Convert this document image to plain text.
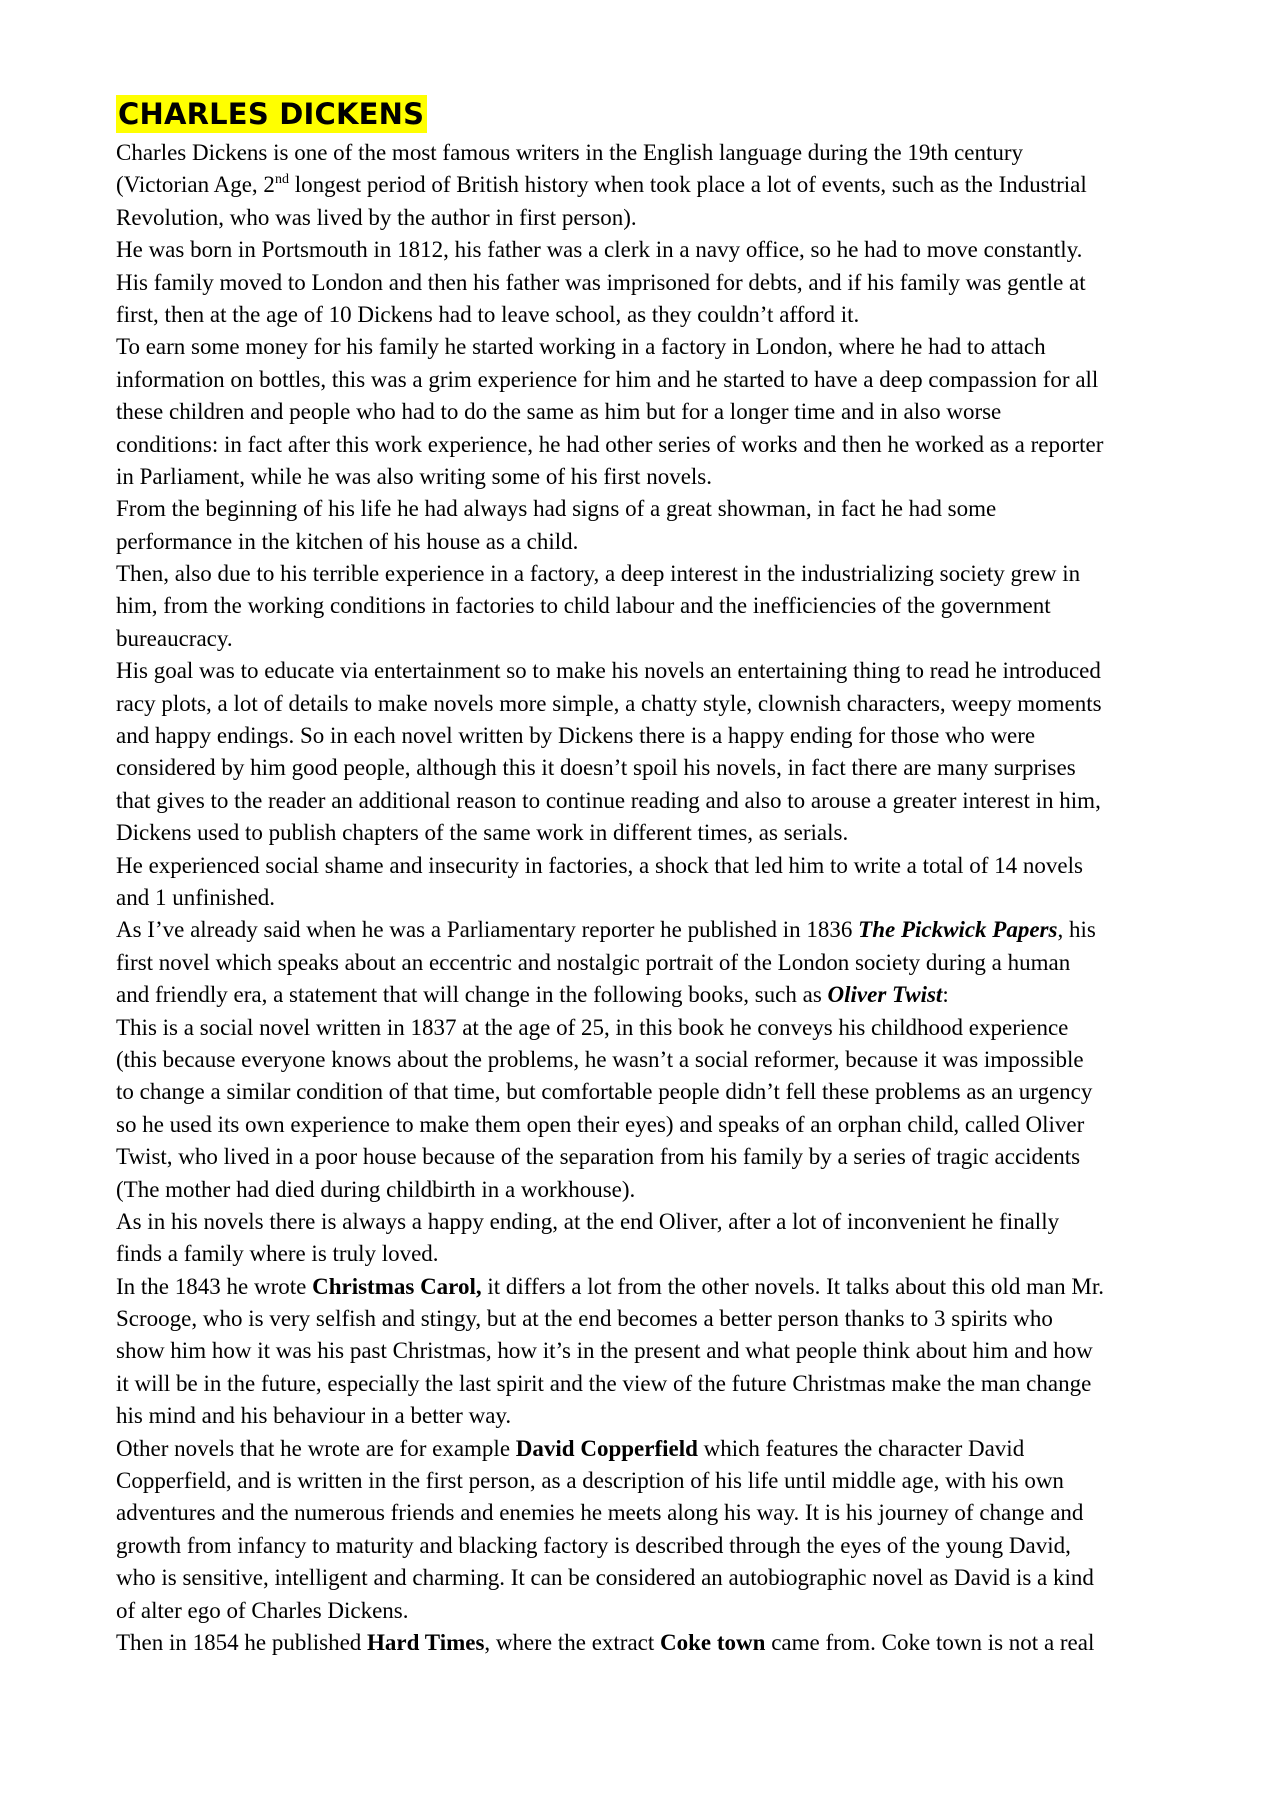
CHARLES DICKENS
Charles Dickens is one of the most famous writers in the English language during the 19th century
(Victorian Age, 2nd longest period of British history when took place a lot of events, such as the Industrial
Revolution, who was lived by the author in first person).
He was born in Portsmouth in 1812, his father was a clerk in a navy office, so he had to move constantly.
His family moved to London and then his father was imprisoned for debts, and if his family was gentle at
first, then at the age of 10 Dickens had to leave school, as they couldn’t afford it.
To earn some money for his family he started working in a factory in London, where he had to attach
information on bottles, this was a grim experience for him and he started to have a deep compassion for all
these children and people who had to do the same as him but for a longer time and in also worse
conditions: in fact after this work experience, he had other series of works and then he worked as a reporter
in Parliament, while he was also writing some of his first novels.
From the beginning of his life he had always had signs of a great showman, in fact he had some
performance in the kitchen of his house as a child.
Then, also due to his terrible experience in a factory, a deep interest in the industrializing society grew in
him, from the working conditions in factories to child labour and the inefficiencies of the government
bureaucracy.
His goal was to educate via entertainment so to make his novels an entertaining thing to read he introduced
racy plots, a lot of details to make novels more simple, a chatty style, clownish characters, weepy moments
and happy endings. So in each novel written by Dickens there is a happy ending for those who were
considered by him good people, although this it doesn’t spoil his novels, in fact there are many surprises
that gives to the reader an additional reason to continue reading and also to arouse a greater interest in him,
Dickens used to publish chapters of the same work in different times, as serials.
He experienced social shame and insecurity in factories, a shock that led him to write a total of 14 novels
and 1 unfinished.
As I’ve already said when he was a Parliamentary reporter he published in 1836 The Pickwick Papers, his
first novel which speaks about an eccentric and nostalgic portrait of the London society during a human
and friendly era, a statement that will change in the following books, such as Oliver Twist:
This is a social novel written in 1837 at the age of 25, in this book he conveys his childhood experience
(this because everyone knows about the problems, he wasn’t a social reformer, because it was impossible
to change a similar condition of that time, but comfortable people didn’t fell these problems as an urgency
so he used its own experience to make them open their eyes) and speaks of an orphan child, called Oliver
Twist, who lived in a poor house because of the separation from his family by a series of tragic accidents
(The mother had died during childbirth in a workhouse).
As in his novels there is always a happy ending, at the end Oliver, after a lot of inconvenient he finally
finds a family where is truly loved.
In the 1843 he wrote Christmas Carol, it differs a lot from the other novels. It talks about this old man Mr.
Scrooge, who is very selfish and stingy, but at the end becomes a better person thanks to 3 spirits who
show him how it was his past Christmas, how it’s in the present and what people think about him and how
it will be in the future, especially the last spirit and the view of the future Christmas make the man change
his mind and his behaviour in a better way.
Other novels that he wrote are for example David Copperfield which features the character David
Copperfield, and is written in the first person, as a description of his life until middle age, with his own
adventures and the numerous friends and enemies he meets along his way. It is his journey of change and
growth from infancy to maturity and blacking factory is described through the eyes of the young David,
who is sensitive, intelligent and charming. It can be considered an autobiographic novel as David is a kind
of alter ego of Charles Dickens.
Then in 1854 he published Hard Times, where the extract Coke town came from. Coke town is not a real
